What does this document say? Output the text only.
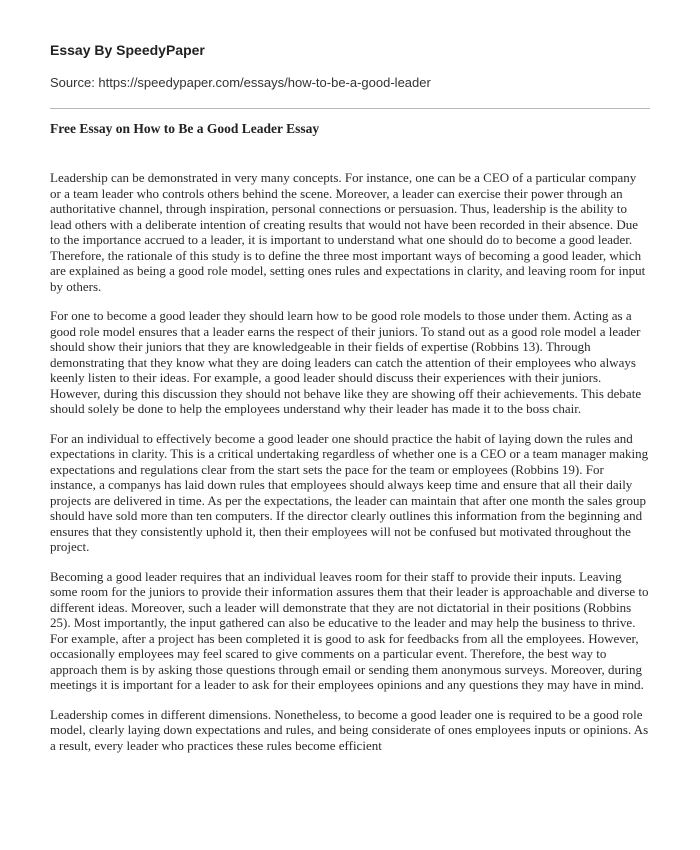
Essay By SpeedyPaper
Source: https://speedypaper.com/essays/how-to-be-a-good-leader
Free Essay on How to Be a Good Leader Essay

Leadership can be demonstrated in very many concepts. For instance, one can be a CEO of a particular company or a team leader who controls others behind the scene. Moreover, a leader can exercise their power through an authoritative channel, through inspiration, personal connections or persuasion. Thus, leadership is the ability to lead others with a deliberate intention of creating results that would not have been recorded in their absence. Due to the importance accrued to a leader, it is important to understand what one should do to become a good leader. Therefore, the rationale of this study is to define the three most important ways of becoming a good leader, which are explained as being a good role model, setting ones rules and expectations in clarity, and leaving room for input by others.

For one to become a good leader they should learn how to be good role models to those under them. Acting as a good role model ensures that a leader earns the respect of their juniors. To stand out as a good role model a leader should show their juniors that they are knowledgeable in their fields of expertise (Robbins 13). Through demonstrating that they know what they are doing leaders can catch the attention of their employees who always keenly listen to their ideas. For example, a good leader should discuss their experiences with their juniors. However, during this discussion they should not behave like they are showing off their achievements. This debate should solely be done to help the employees understand why their leader has made it to the boss chair.

For an individual to effectively become a good leader one should practice the habit of laying down the rules and expectations in clarity. This is a critical undertaking regardless of whether one is a CEO or a team manager making expectations and regulations clear from the start sets the pace for the team or employees (Robbins 19). For instance, a companys has laid down rules that employees should always keep time and ensure that all their daily projects are delivered in time. As per the expectations, the leader can maintain that after one month the sales group should have sold more than ten computers. If the director clearly outlines this information from the beginning and ensures that they consistently uphold it, then their employees will not be confused but motivated throughout the project.

Becoming a good leader requires that an individual leaves room for their staff to provide their inputs. Leaving some room for the juniors to provide their information assures them that their leader is approachable and diverse to different ideas. Moreover, such a leader will demonstrate that they are not dictatorial in their positions (Robbins 25). Most importantly, the input gathered can also be educative to the leader and may help the business to thrive. For example, after a project has been completed it is good to ask for feedbacks from all the employees. However, occasionally employees may feel scared to give comments on a particular event. Therefore, the best way to approach them is by asking those questions through email or sending them anonymous surveys. Moreover, during meetings it is important for a leader to ask for their employees opinions and any questions they may have in mind.

Leadership comes in different dimensions. Nonetheless, to become a good leader one is required to be a good role model, clearly laying down expectations and rules, and being considerate of ones employees inputs or opinions. As a result, every leader who practices these rules become efficient
